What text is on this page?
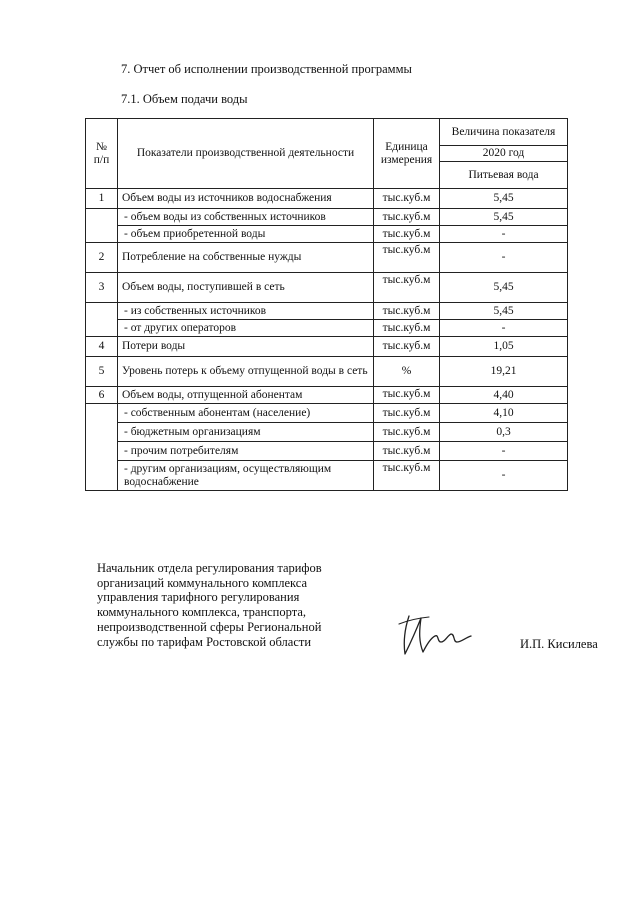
7. Отчет об исполнении производственной программы
7.1. Объем подачи воды
№ п/п	Показатели производственной деятельности	Единица измерения	Величина показателя
			2020 год
			Питьевая вода
1	Объем воды из источников водоснабжения	тыс.куб.м	5,45
	- объем воды из собственных источников	тыс.куб.м	5,45
	- объем приобретенной воды	тыс.куб.м	-
2	Потребление на собственные нужды	тыс.куб.м	-
3	Объем воды, поступившей в сеть	тыс.куб.м	5,45
	- из собственных источников	тыс.куб.м	5,45
	- от других операторов	тыс.куб.м	-
4	Потери воды	тыс.куб.м	1,05
5	Уровень потерь к объему отпущенной воды в сеть	%	19,21
6	Объем воды, отпущенной абонентам	тыс.куб.м	4,40
	- собственным абонентам (население)	тыс.куб.м	4,10
	- бюджетным организациям	тыс.куб.м	0,3
	- прочим потребителям	тыс.куб.м	-
	- другим организациям, осуществляющим водоснабжение	тыс.куб.м	-
Начальник отдела регулирования тарифов
организаций коммунального комплекса
управления тарифного регулирования
коммунального комплекса, транспорта,
непроизводственной сферы Региональной
службы по тарифам Ростовской области	И.П. Кисилева
